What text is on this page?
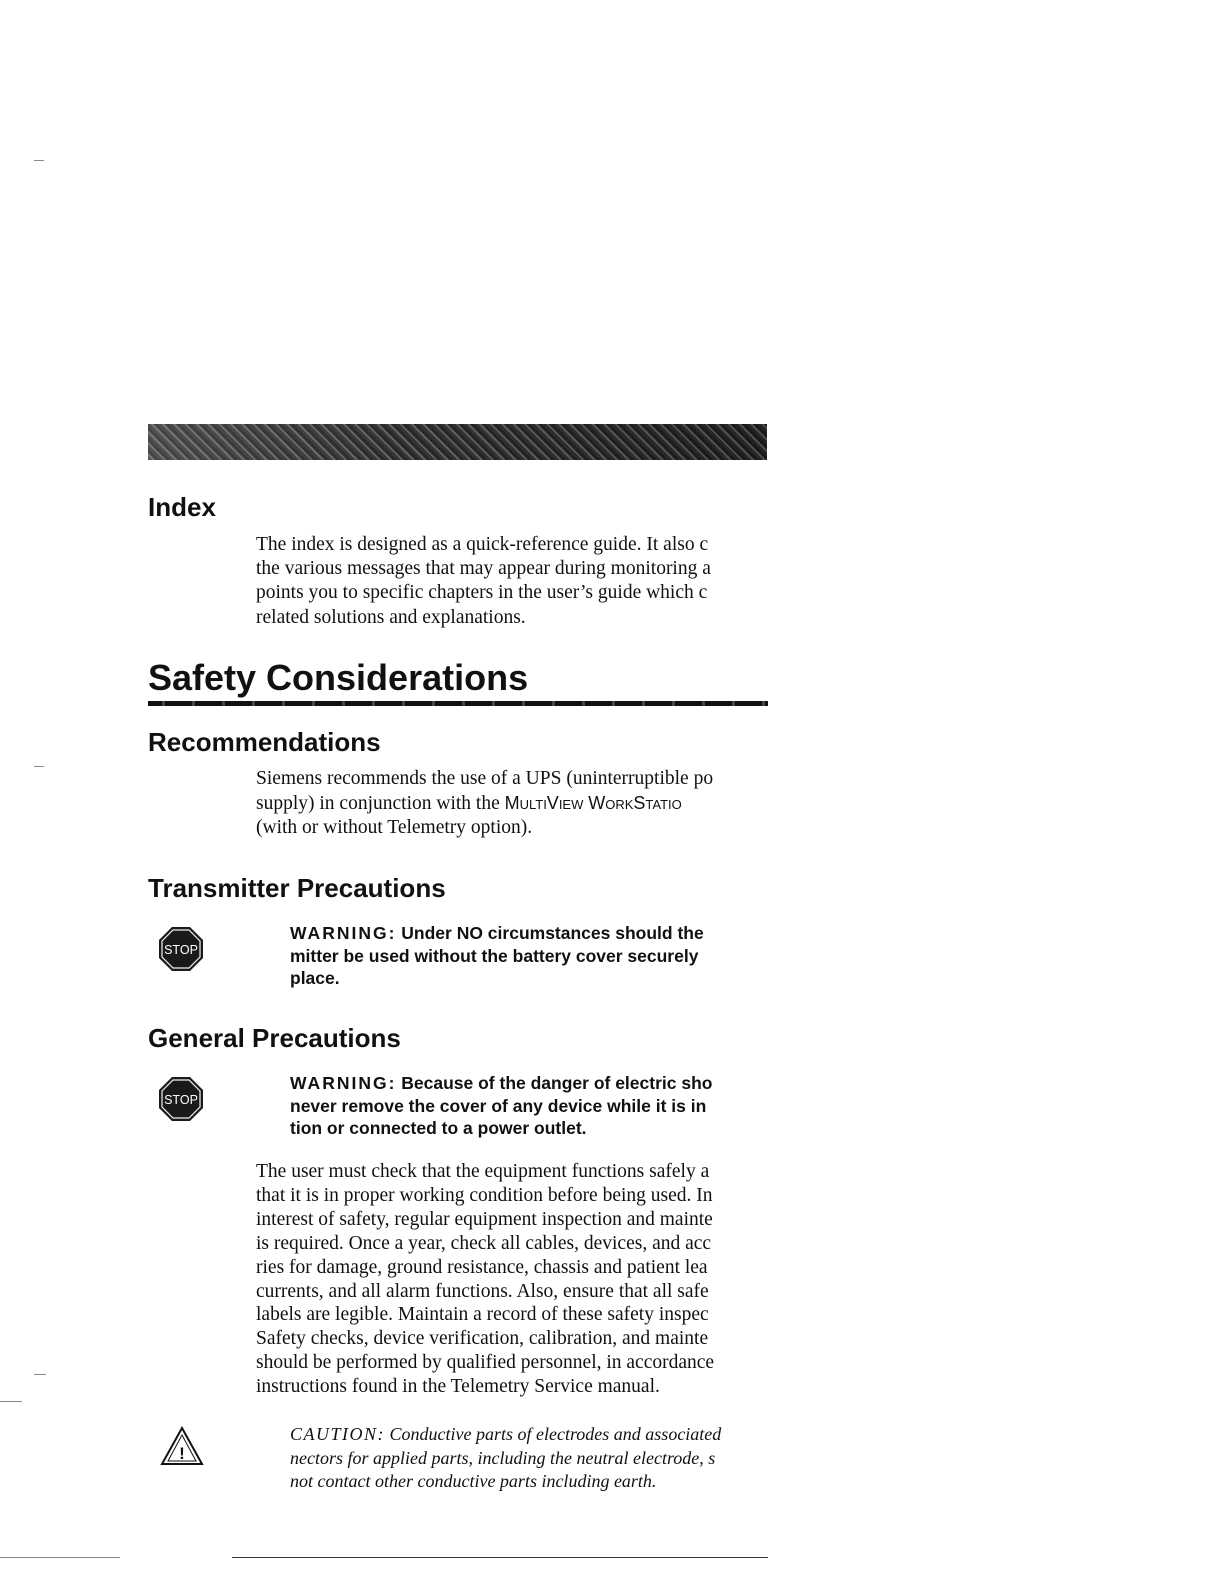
Index
The index is designed as a quick-reference guide. It also c
the various messages that may appear during monitoring a
points you to specific chapters in the user’s guide which c
related solutions and explanations.
Safety Considerations
Recommendations
Siemens recommends the use of a UPS (uninterruptible po
supply) in conjunction with the MultiView WorkStatio
(with or without Telemetry option).
Transmitter Precautions
STOP
WARNING: Under NO circumstances should the
mitter be used without the battery cover securely
place.
General Precautions
STOP
WARNING: Because of the danger of electric sho
never remove the cover of any device while it is in
tion or connected to a power outlet.
The user must check that the equipment functions safely a
that it is in proper working condition before being used. In
interest of safety, regular equipment inspection and mainte
is required. Once a year, check all cables, devices, and acc
ries for damage, ground resistance, chassis and patient lea
currents, and all alarm functions. Also, ensure that all safe
labels are legible. Maintain a record of these safety inspec
Safety checks, device verification, calibration, and mainte
should be performed by qualified personnel, in accordance
instructions found in the Telemetry Service manual.
!
CAUTION: Conductive parts of electrodes and associated
nectors for applied parts, including the neutral electrode, s
not contact other conductive parts including earth.
